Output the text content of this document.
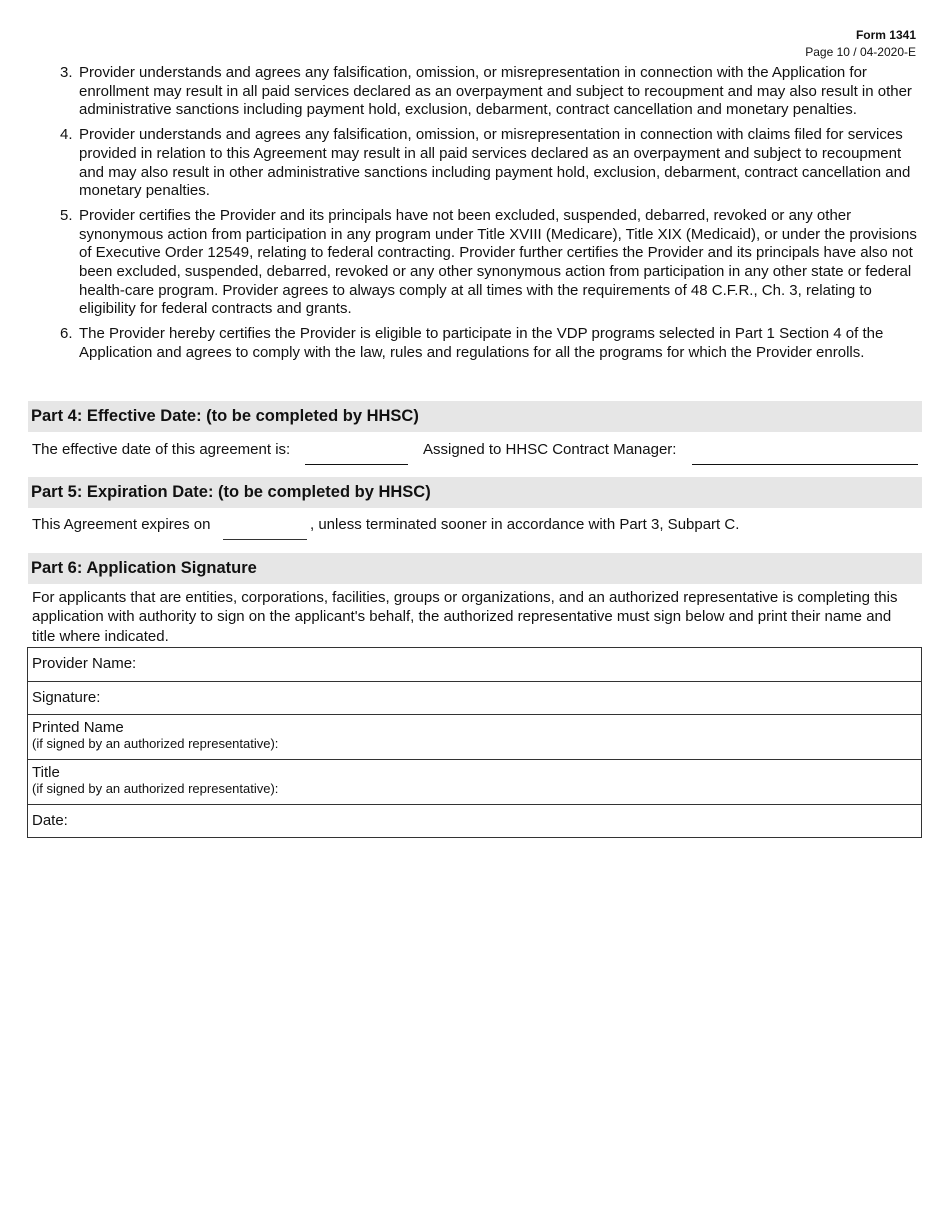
Form 1341
Page 10 / 04-2020-E
3. Provider understands and agrees any falsification, omission, or misrepresentation in connection with the Application for enrollment may result in all paid services declared as an overpayment and subject to recoupment and may also result in other administrative sanctions including payment hold, exclusion, debarment, contract cancellation and monetary penalties.
4. Provider understands and agrees any falsification, omission, or misrepresentation in connection with claims filed for services provided in relation to this Agreement may result in all paid services declared as an overpayment and subject to recoupment and may also result in other administrative sanctions including payment hold, exclusion, debarment, contract cancellation and monetary penalties.
5. Provider certifies the Provider and its principals have not been excluded, suspended, debarred, revoked or any other synonymous action from participation in any program under Title XVIII (Medicare), Title XIX (Medicaid), or under the provisions of Executive Order 12549, relating to federal contracting. Provider further certifies the Provider and its principals have also not been excluded, suspended, debarred, revoked or any other synonymous action from participation in any other state or federal health-care program. Provider agrees to always comply at all times with the requirements of 48 C.F.R., Ch. 3, relating to eligibility for federal contracts and grants.
6. The Provider hereby certifies the Provider is eligible to participate in the VDP programs selected in Part 1 Section 4 of the Application and agrees to comply with the law, rules and regulations for all the programs for which the Provider enrolls.
Part 4: Effective Date: (to be completed by HHSC)
The effective date of this agreement is:	Assigned to HHSC Contract Manager:
Part 5: Expiration Date: (to be completed by HHSC)
This Agreement expires on	, unless terminated sooner in accordance with Part 3, Subpart C.
Part 6: Application Signature

For applicants that are entities, corporations, facilities, groups or organizations, and an authorized representative is completing this application with authority to sign on the applicant's behalf, the authorized representative must sign below and print their name and title where indicated.

Provider Name:
Signature:
Printed Name
(if signed by an authorized representative):
Title
(if signed by an authorized representative):
Date:
